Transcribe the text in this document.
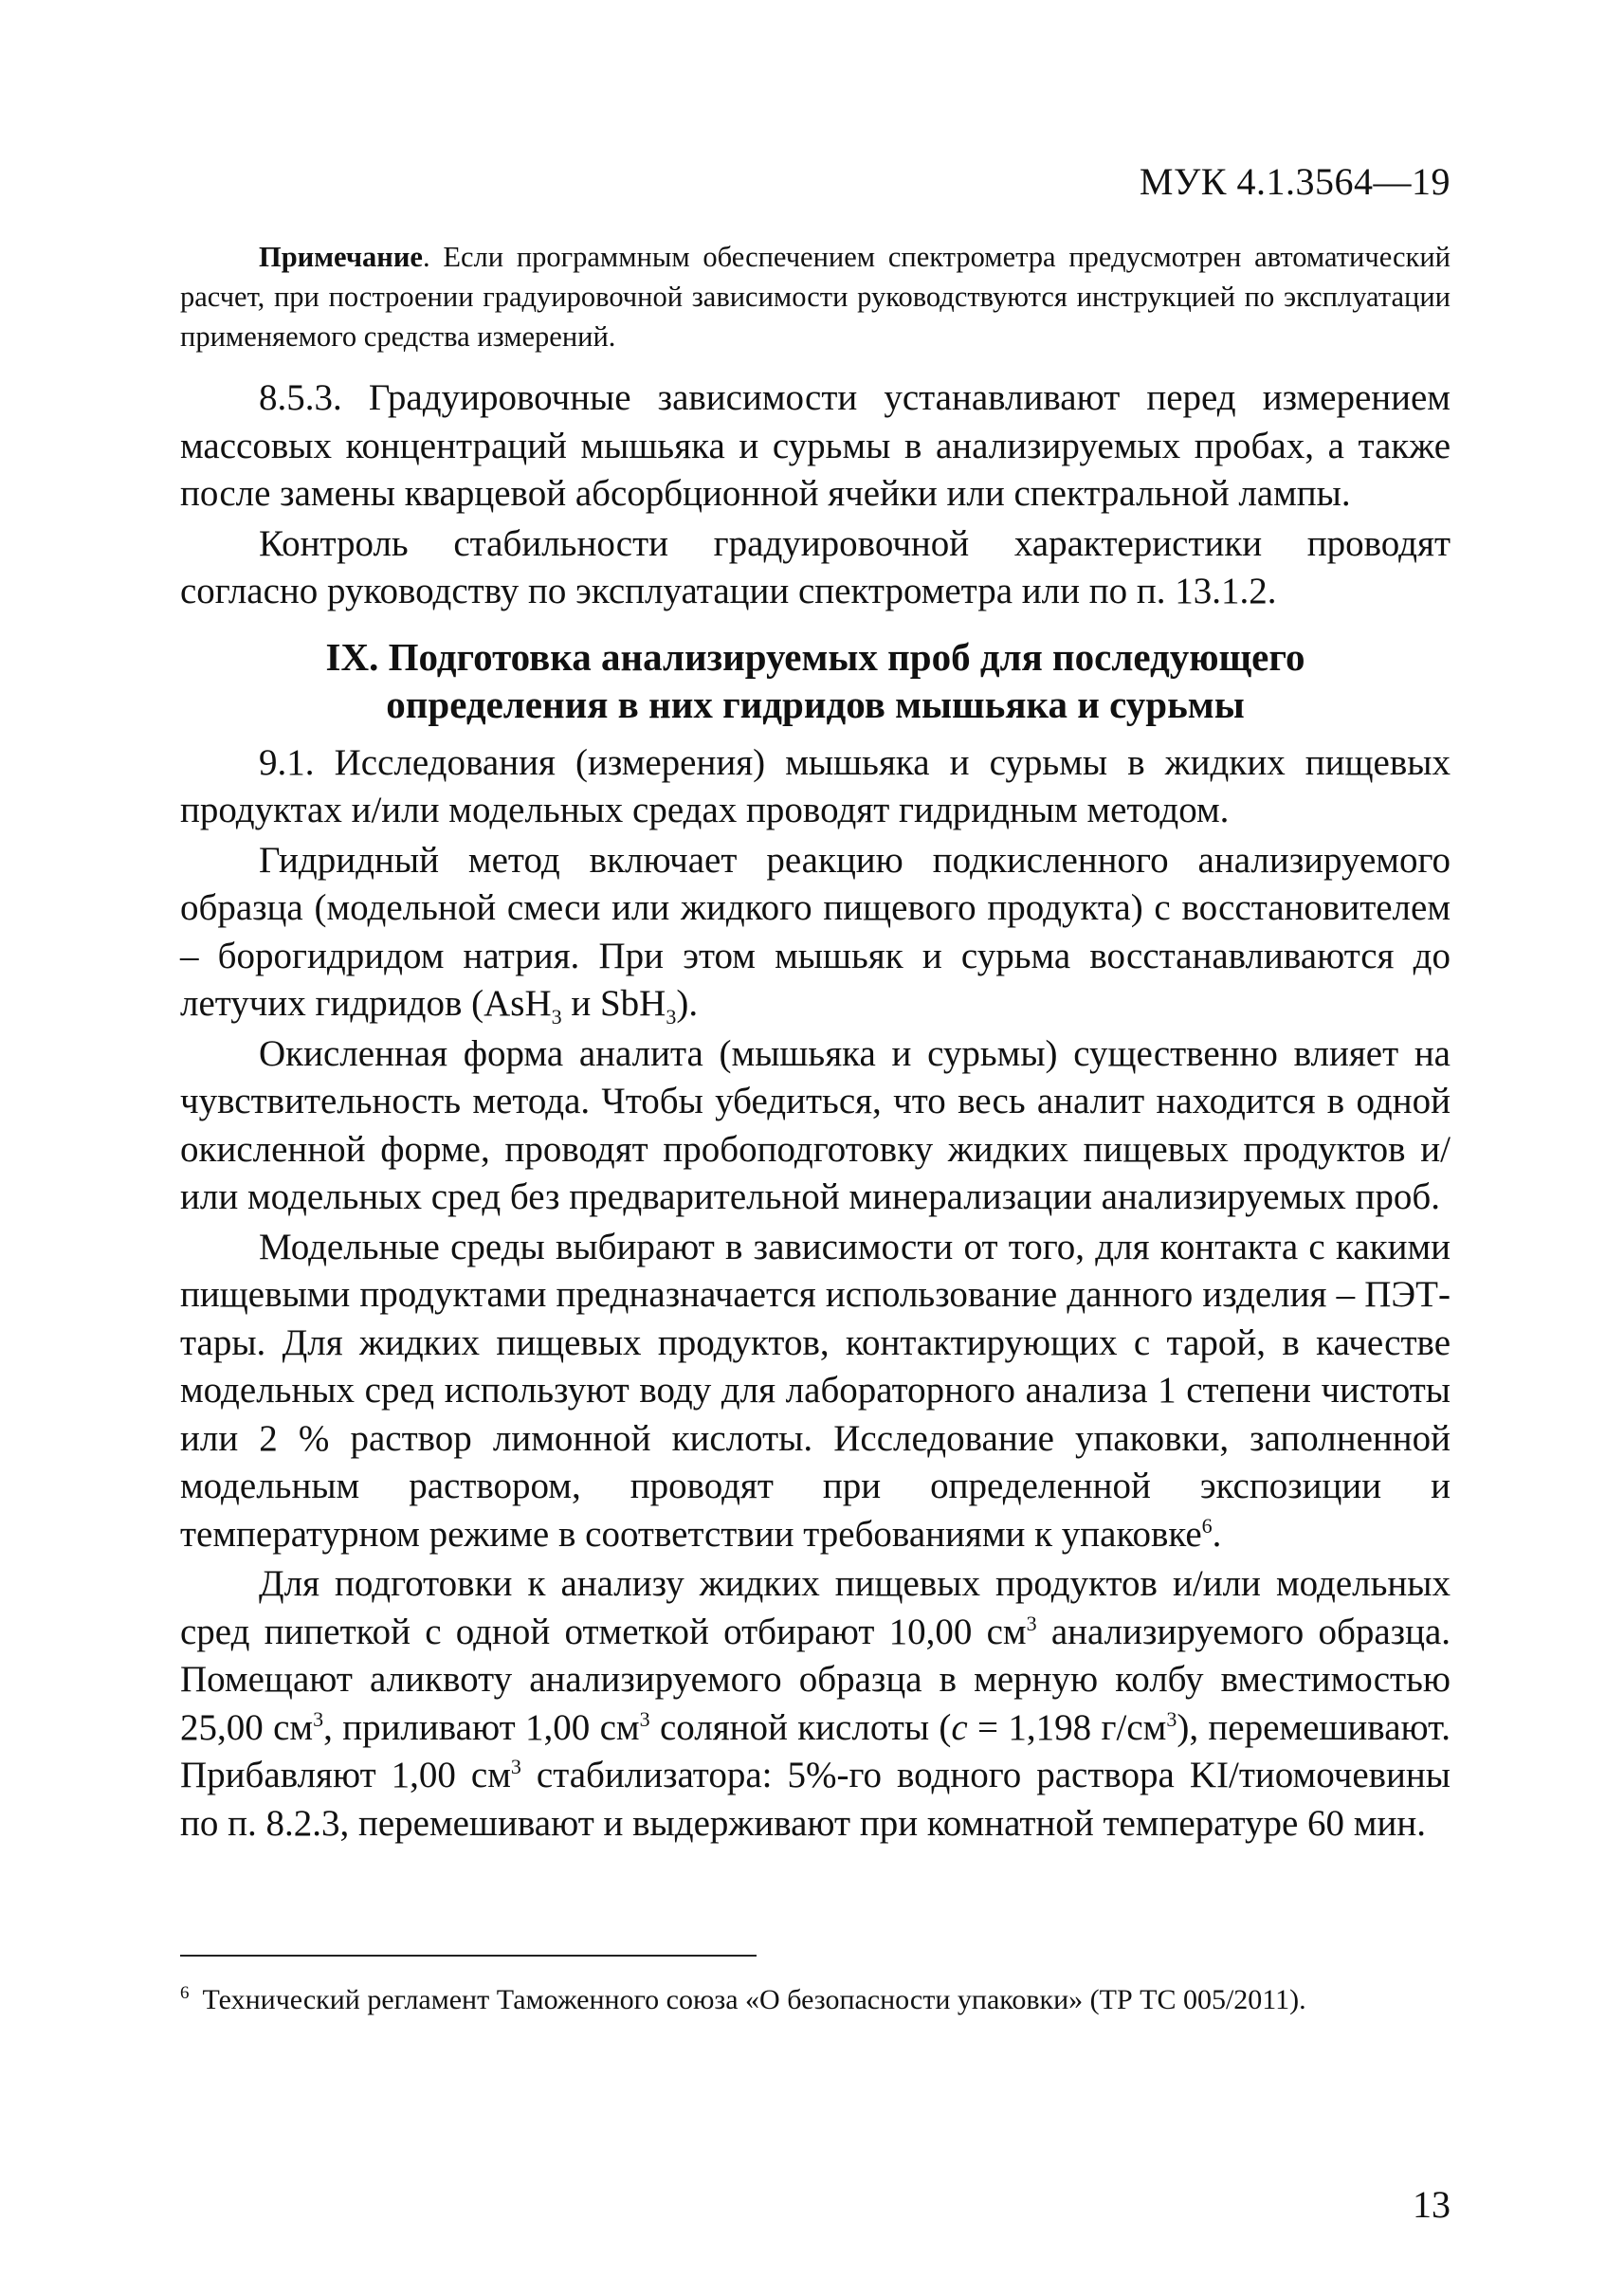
МУК 4.1.3564—19
Примечание. Если программным обеспечением спектрометра предусмотрен автоматический расчет, при построении градуировочной зависимости руководствуются инструкцией по эксплуатации применяемого средства измерений.

8.5.3. Градуировочные зависимости устанавливают перед измерением массовых концентраций мышьяка и сурьмы в анализируемых пробах, а также после замены кварцевой абсорбционной ячейки или спектральной лампы.

Контроль стабильности градуировочной характеристики проводят согласно руководству по эксплуатации спектрометра или по п. 13.1.2.

IX. Подготовка анализируемых проб для последующего
определения в них гидридов мышьяка и сурьмы

9.1. Исследования (измерения) мышьяка и сурьмы в жидких пищевых продуктах и/или модельных средах проводят гидридным методом.

Гидридный метод включает реакцию подкисленного анализируемого образца (модельной смеси или жидкого пищевого продукта) с восстановителем – борогидридом натрия. При этом мышьяк и сурьма восстанавливаются до летучих гидридов (AsH$_3$ и SbH$_3$).

Окисленная форма аналита (мышьяка и сурьмы) существенно влияет на чувствительность метода. Чтобы убедиться, что весь аналит находится в одной окисленной форме, проводят пробоподготовку жидких пищевых продуктов и/или модельных сред без предварительной минерализации анализируемых проб.

Модельные среды выбирают в зависимости от того, для контакта с какими пищевыми продуктами предназначается использование данного изделия – ПЭТ-тары. Для жидких пищевых продуктов, контактирующих с тарой, в качестве модельных сред используют воду для лабораторного анализа 1 степени чистоты или 2 % раствор лимонной кислоты. Исследование упаковки, заполненной модельным раствором, проводят при определенной экспозиции и температурном режиме в соответствии требованиями к упаковке$^6$.

Для подготовки к анализу жидких пищевых продуктов и/или модельных сред пипеткой с одной отметкой отбирают 10,00 $см^3$ анализируемого образца. Помещают аликвоту анализируемого образца в мерную колбу вместимостью 25,00 $см^3$, приливают 1,00 $см^3$ соляной кислоты (с = 1,198 $г/см^3$), перемешивают. Прибавляют 1,00 $см^3$ стабилизатора: 5%-го водного раствора KI/тиомочевины по п. 8.2.3, перемешивают и выдерживают при комнатной температуре 60 мин.

$^6$ Технический регламент Таможенного союза «О безопасности упаковки» (ТР ТС 005/2011).
13
